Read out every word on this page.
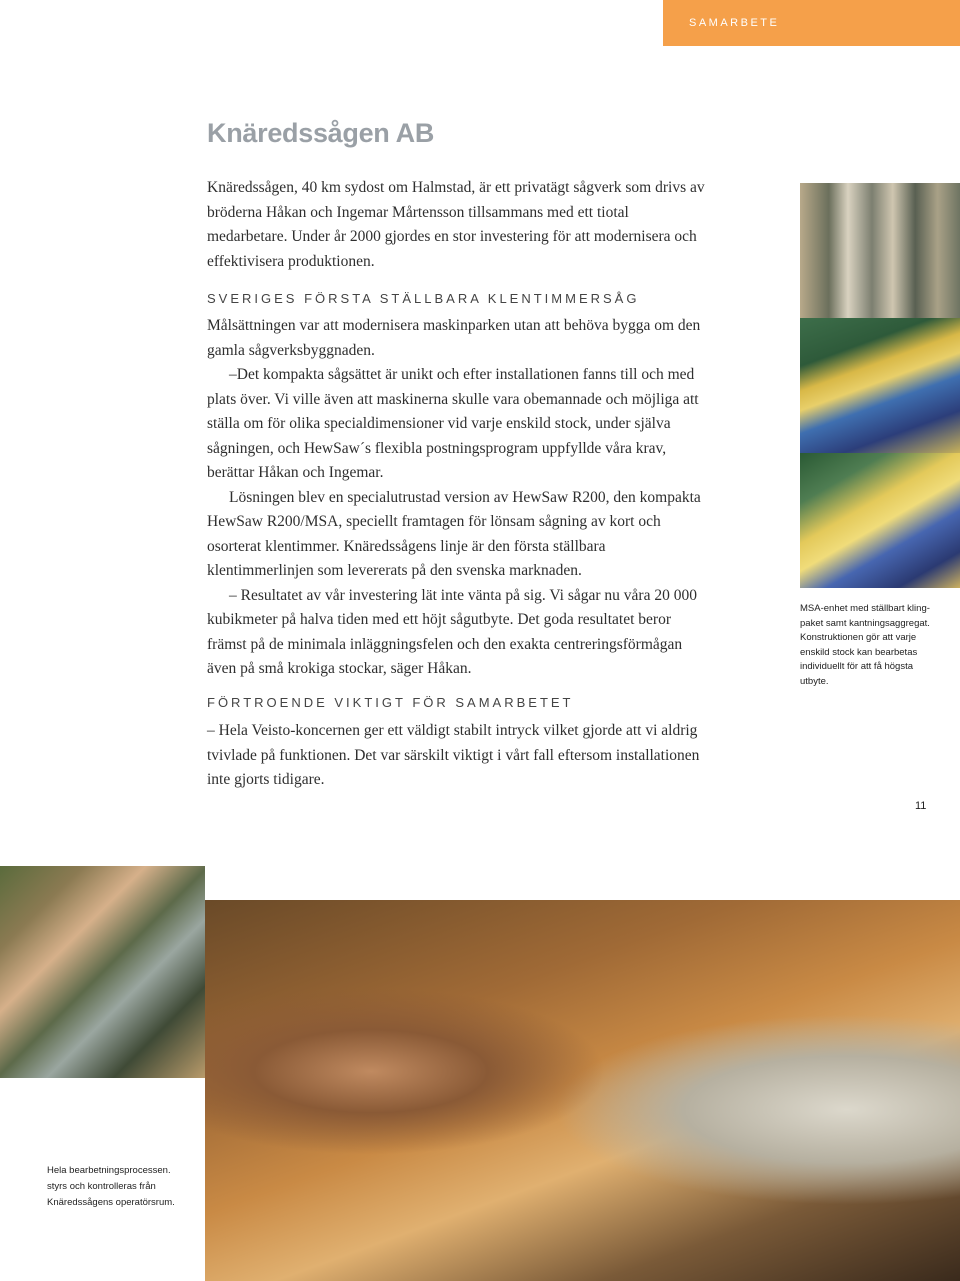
SAMARBETE
Knäredssågen AB

Knäredssågen, 40 km sydost om Halmstad, är ett privatägt sågverk som drivs av bröderna Håkan och Ingemar Mårtensson tillsammans med ett tiotal medarbetare. Under år 2000 gjordes en stor investering för att modernisera och effektivisera produktionen.

SVERIGES FÖRSTA STÄLLBARA KLENTIMMERSÅG

Målsättningen var att modernisera maskinparken utan att behöva bygga om den gamla sågverksbyggnaden.

–Det kompakta sågsättet är unikt och efter installationen fanns till och med plats över. Vi ville även att maskinerna skulle vara obemannade och möjliga att ställa om för olika specialdimensioner vid varje enskild stock, under själva sågningen, och HewSaw´s flexibla postningsprogram uppfyllde våra krav, berättar Håkan och Ingemar.

Lösningen blev en specialutrustad version av HewSaw R200, den kompakta HewSaw R200/MSA, speciellt framtagen för lönsam sågning av kort och osorterat klentimmer. Knäredssågens linje är den första ställbara klentimmerlinjen som levererats på den svenska marknaden.

– Resultatet av vår investering lät inte vänta på sig. Vi sågar nu våra 20 000 kubikmeter på halva tiden med ett höjt sågutbyte. Det goda resultatet beror främst på de minimala inläggningsfelen och den exakta centreringsförmågan även på små krokiga stockar, säger Håkan.

FÖRTROENDE VIKTIGT FÖR SAMARBETET

– Hela Veisto-koncernen ger ett väldigt stabilt intryck vilket gjorde att vi aldrig tvivlade på funktionen. Det var särskilt viktigt i vårt fall eftersom installationen inte gjorts tidigare.

MSA-enhet med ställbart kling-
paket samt kantningsaggregat.
Konstruktionen gör att varje
enskild stock kan bearbetas
individuellt för att få högsta
utbyte.
11
Hela bearbetningsprocessen.
styrs och kontrolleras från
Knäredssågens operatörsrum.
